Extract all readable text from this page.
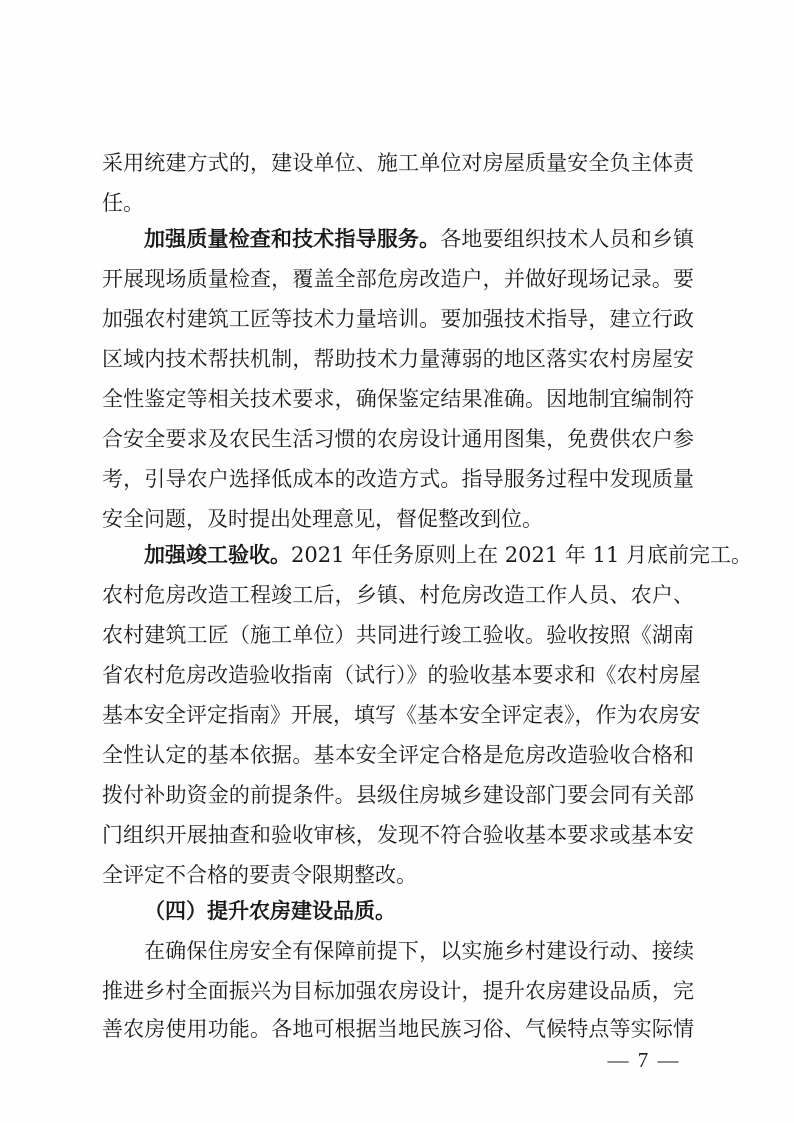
采用统建方式的，建设单位、施工单位对房屋质量安全负主体责
任。
加强质量检查和技术指导服务。各地要组织技术人员和乡镇
开展现场质量检查，覆盖全部危房改造户，并做好现场记录。要
加强农村建筑工匠等技术力量培训。要加强技术指导，建立行政
区域内技术帮扶机制，帮助技术力量薄弱的地区落实农村房屋安
全性鉴定等相关技术要求，确保鉴定结果准确。因地制宜编制符
合安全要求及农民生活习惯的农房设计通用图集，免费供农户参
考，引导农户选择低成本的改造方式。指导服务过程中发现质量
安全问题，及时提出处理意见，督促整改到位。
加强竣工验收。2021 年任务原则上在 2021 年 11 月底前完工。
农村危房改造工程竣工后，乡镇、村危房改造工作人员、农户、
农村建筑工匠（施工单位）共同进行竣工验收。验收按照《湖南
省农村危房改造验收指南（试行）》的验收基本要求和《农村房屋
基本安全评定指南》开展，填写《基本安全评定表》，作为农房安
全性认定的基本依据。基本安全评定合格是危房改造验收合格和
拨付补助资金的前提条件。县级住房城乡建设部门要会同有关部
门组织开展抽查和验收审核，发现不符合验收基本要求或基本安
全评定不合格的要责令限期整改。
（四）提升农房建设品质。
在确保住房安全有保障前提下，以实施乡村建设行动、接续
推进乡村全面振兴为目标加强农房设计，提升农房建设品质，完
善农房使用功能。各地可根据当地民族习俗、气候特点等实际情
— 7 —
